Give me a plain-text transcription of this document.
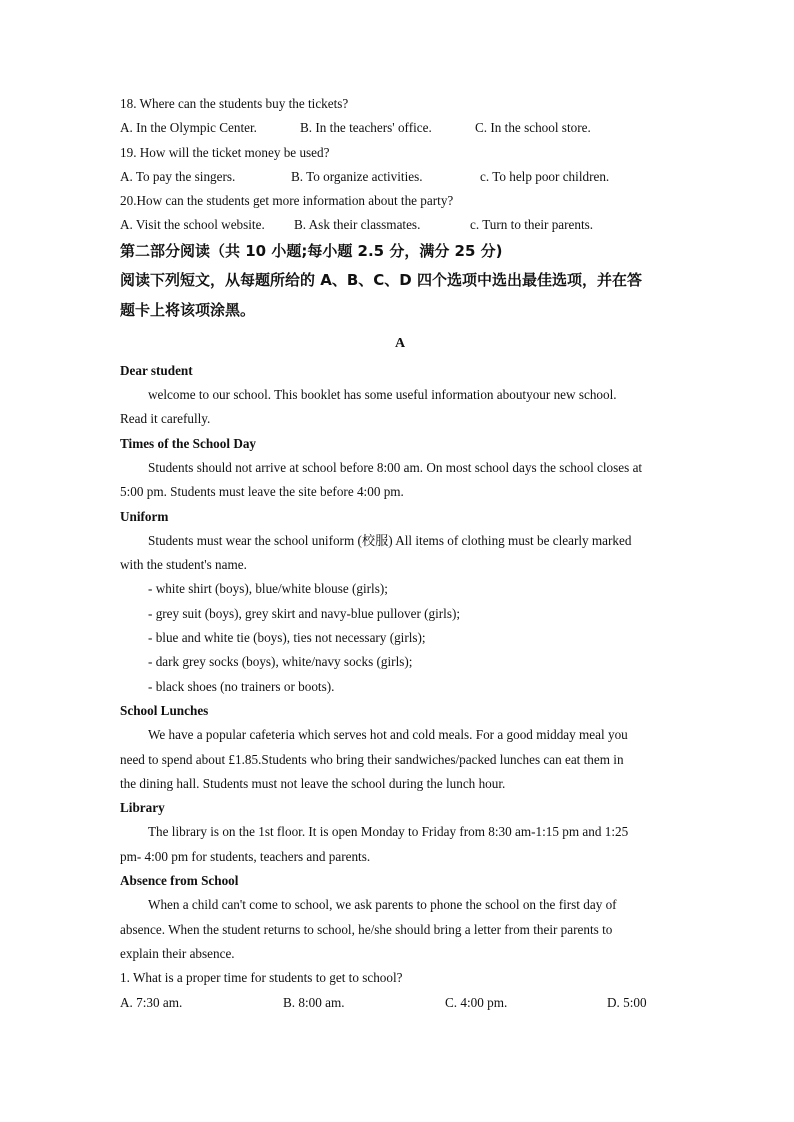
18. Where can the students buy the tickets?
A. In the Olympic Center.	B. In the teachers' office.	C. In the school store.
19. How will the ticket money be used?
A. To pay the singers.	B. To organize activities.	c. To help poor children.
20.How can the students get more information about the party?
A. Visit the school website.	B. Ask their classmates.	c. Turn to their parents.
第二部分阅读（共 10 小题;每小题 2.5 分，满分 25 分)
阅读下列短文，从每题所给的 A、B、C、D 四个选项中选出最佳选项，并在答
题卡上将该项涂黑。
A
Dear student
welcome to our school. This booklet has some useful information aboutyour new school.
Read it carefully.
Times of the School Day
Students should not arrive at school before 8:00 am. On most school days the school closes at
5:00 pm. Students must leave the site before 4:00 pm.
Uniform
Students must wear the school uniform (校服) All items of clothing must be clearly marked
with the student's name.
- white shirt (boys), blue/white blouse (girls);
- grey suit (boys), grey skirt and navy-blue pullover (girls);
- blue and white tie (boys), ties not necessary (girls);
- dark grey socks (boys), white/navy socks (girls);
- black shoes (no trainers or boots).
School Lunches
We have a popular cafeteria which serves hot and cold meals. For a good midday meal you
need to spend about £1.85.Students who bring their sandwiches/packed lunches can eat them in
the dining hall. Students must not leave the school during the lunch hour.
Library
The library is on the 1st floor. It is open Monday to Friday from 8:30 am-1:15 pm and 1:25
pm- 4:00 pm for students, teachers and parents.
Absence from School
When a child can't come to school, we ask parents to phone the school on the first day of
absence. When the student returns to school, he/she should bring a letter from their parents to
explain their absence.
1. What is a proper time for students to get to school?
A. 7:30 am.	B. 8:00 am.	C. 4:00 pm.	D. 5:00
